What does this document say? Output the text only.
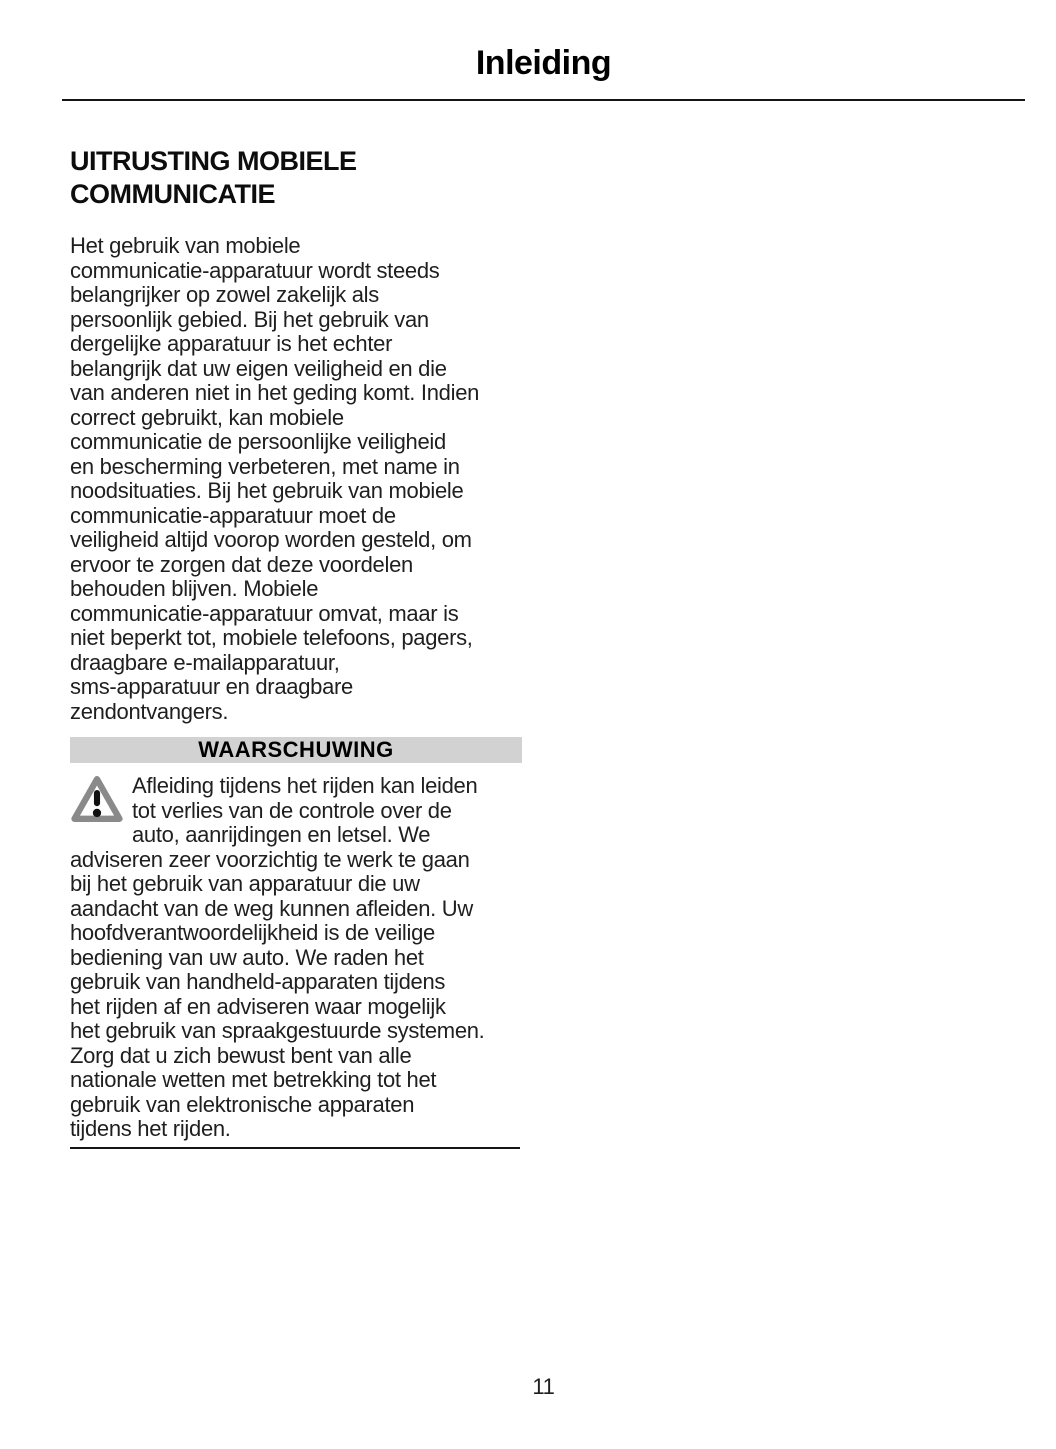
Inleiding
UITRUSTING MOBIELE COMMUNICATIE
Het gebruik van mobiele
communicatie-apparatuur wordt steeds
belangrijker op zowel zakelijk als
persoonlijk gebied. Bij het gebruik van
dergelijke apparatuur is het echter
belangrijk dat uw eigen veiligheid en die
van anderen niet in het geding komt. Indien
correct gebruikt, kan mobiele
communicatie de persoonlijke veiligheid
en bescherming verbeteren, met name in
noodsituaties. Bij het gebruik van mobiele
communicatie-apparatuur moet de
veiligheid altijd voorop worden gesteld, om
ervoor te zorgen dat deze voordelen
behouden blijven. Mobiele
communicatie-apparatuur omvat, maar is
niet beperkt tot, mobiele telefoons, pagers,
draagbare e-mailapparatuur,
sms-apparatuur en draagbare
zendontvangers.
WAARSCHUWING
Afleiding tijdens het rijden kan leiden
tot verlies van de controle over de
auto, aanrijdingen en letsel. We
adviseren zeer voorzichtig te werk te gaan
bij het gebruik van apparatuur die uw
aandacht van de weg kunnen afleiden. Uw
hoofdverantwoordelijkheid is de veilige
bediening van uw auto. We raden het
gebruik van handheld-apparaten tijdens
het rijden af en adviseren waar mogelijk
het gebruik van spraakgestuurde systemen.
Zorg dat u zich bewust bent van alle
nationale wetten met betrekking tot het
gebruik van elektronische apparaten
tijdens het rijden.
11
